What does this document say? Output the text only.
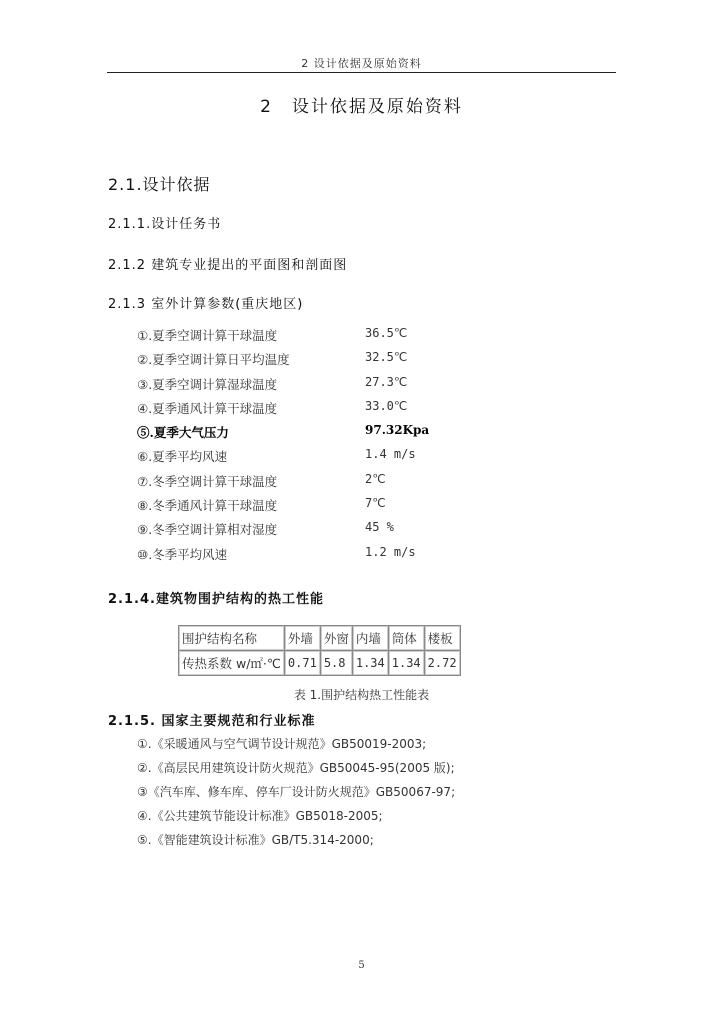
2 设计依据及原始资料
2　设计依据及原始资料
2.1.设计依据
2.1.1.设计任务书
2.1.2 建筑专业提出的平面图和剖面图
2.1.3 室外计算参数(重庆地区)
①.夏季空调计算干球温度	36.5℃
②.夏季空调计算日平均温度	32.5℃
③.夏季空调计算湿球温度	27.3℃
④.夏季通风计算干球温度	33.0℃
⑤.夏季大气压力	97.32Kpa
⑥.夏季平均风速	1.4 m/s
⑦.冬季空调计算干球温度	2℃
⑧.冬季通风计算干球温度	7℃
⑨.冬季空调计算相对湿度	45 %
⑩.冬季平均风速	1.2 m/s
2.1.4.建筑物围护结构的热工性能
围护结构名称	外墙	外窗	内墙	筒体	楼板
传热系数 w/㎡·℃	0.71	5.8	1.34	1.34	2.72
表 1.围护结构热工性能表
2.1.5. 国家主要规范和行业标准
①.《采暖通风与空气调节设计规范》GB50019-2003;
②.《高层民用建筑设计防火规范》GB50045-95(2005 版);
③《汽车库、修车库、停车厂设计防火规范》GB50067-97;
④.《公共建筑节能设计标准》GB5018-2005;
⑤.《智能建筑设计标准》GB/T5.314-2000;
5
